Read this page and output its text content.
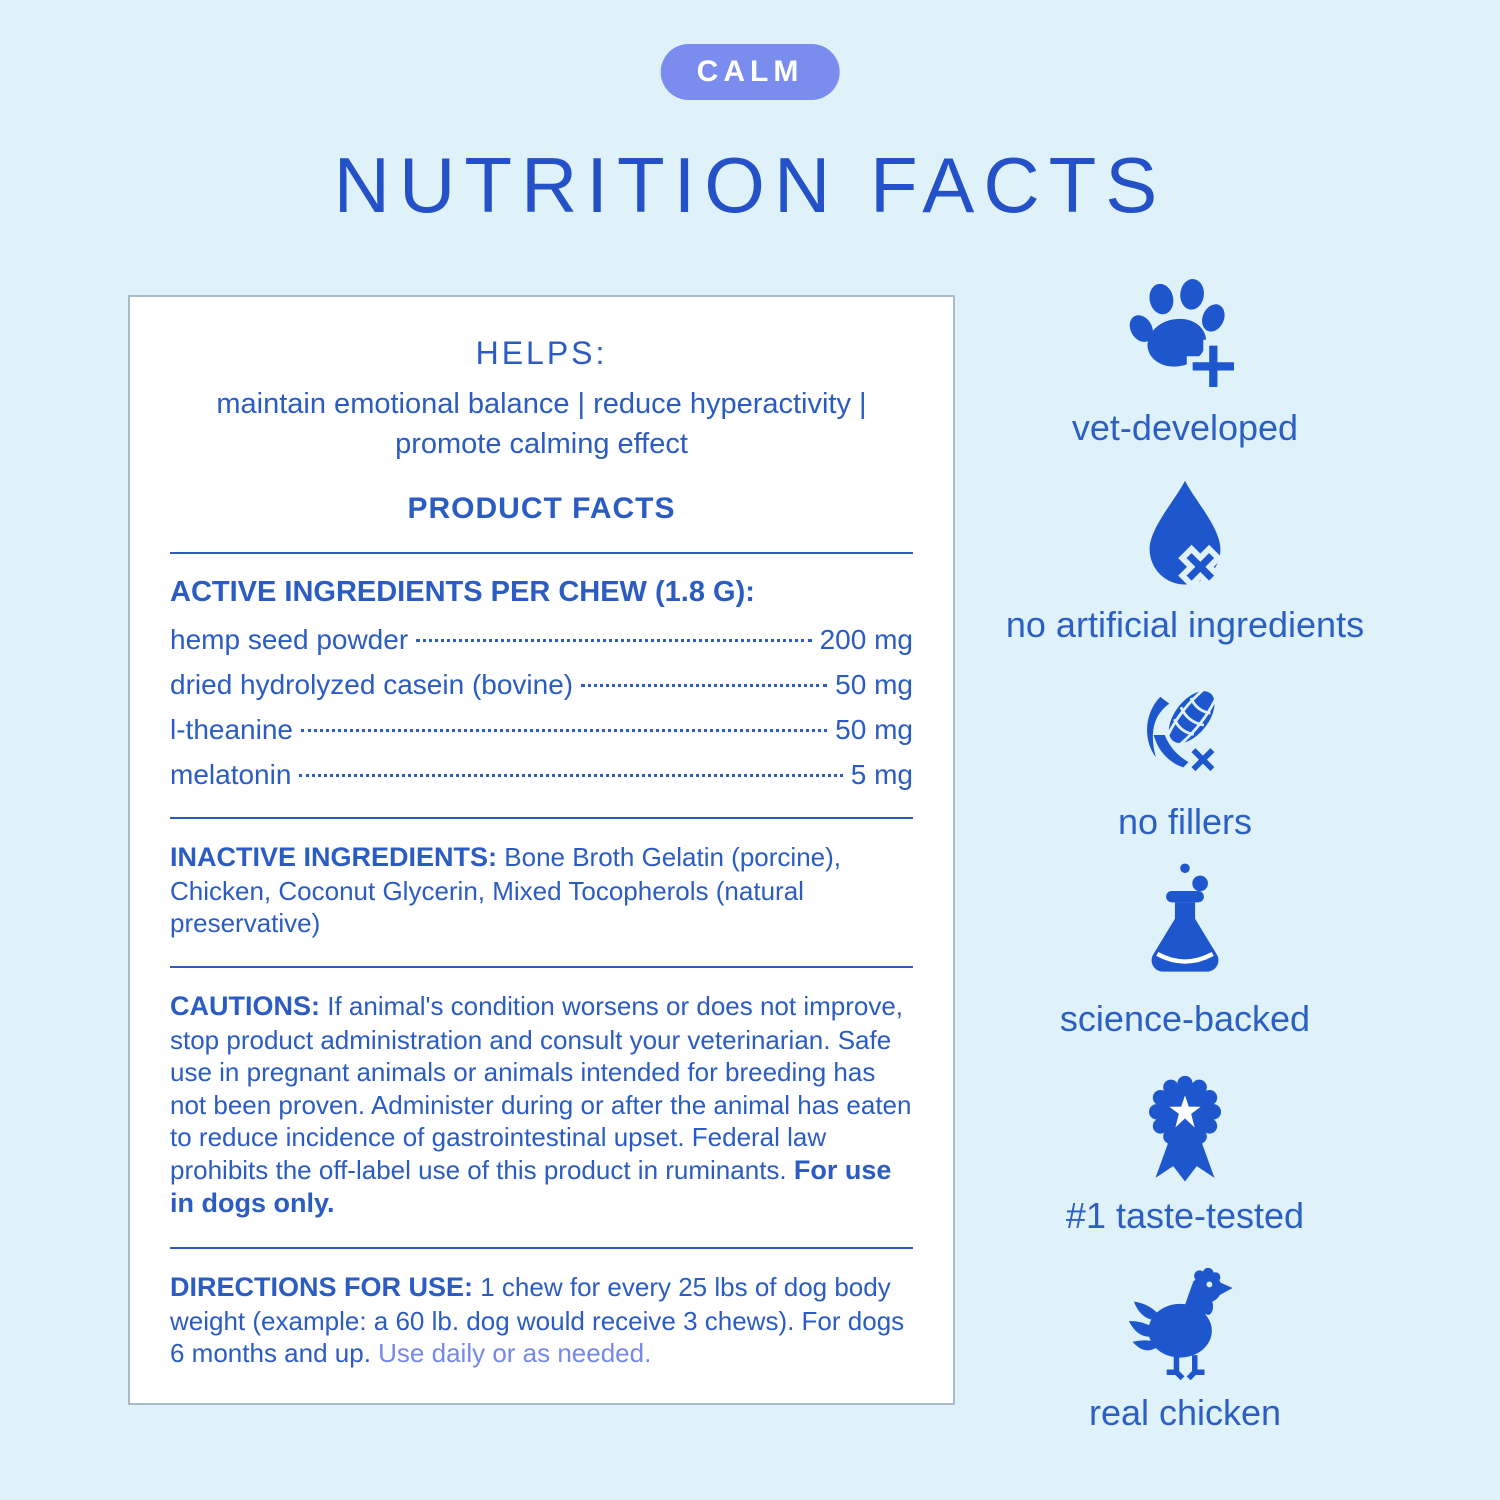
CALM
NUTRITION FACTS

HELPS:

maintain emotional balance | reduce hyperactivity |
promote calming effect

PRODUCT FACTS

ACTIVE INGREDIENTS PER CHEW (1.8 G):

hemp seed powder	200 mg
dried hydrolyzed casein (bovine)	50 mg
l-theanine	50 mg
melatonin	5 mg

INACTIVE INGREDIENTS: Bone Broth Gelatin (porcine), Chicken, Coconut Glycerin, Mixed Tocopherols (natural preservative)

CAUTIONS: If animal's condition worsens or does not improve, stop product administration and consult your veterinarian. Safe use in pregnant animals or animals intended for breeding has not been proven. Administer during or after the animal has eaten to reduce incidence of gastrointestinal upset. Federal law prohibits the off-label use of this product in ruminants. For use in dogs only.

DIRECTIONS FOR USE: 1 chew for every 25 lbs of dog body weight (example: a 60 lb. dog would receive 3 chews). For dogs 6 months and up. Use daily or as needed.

vet-developed
no artificial ingredients
no fillers
science-backed
#1 taste-tested
real chicken
